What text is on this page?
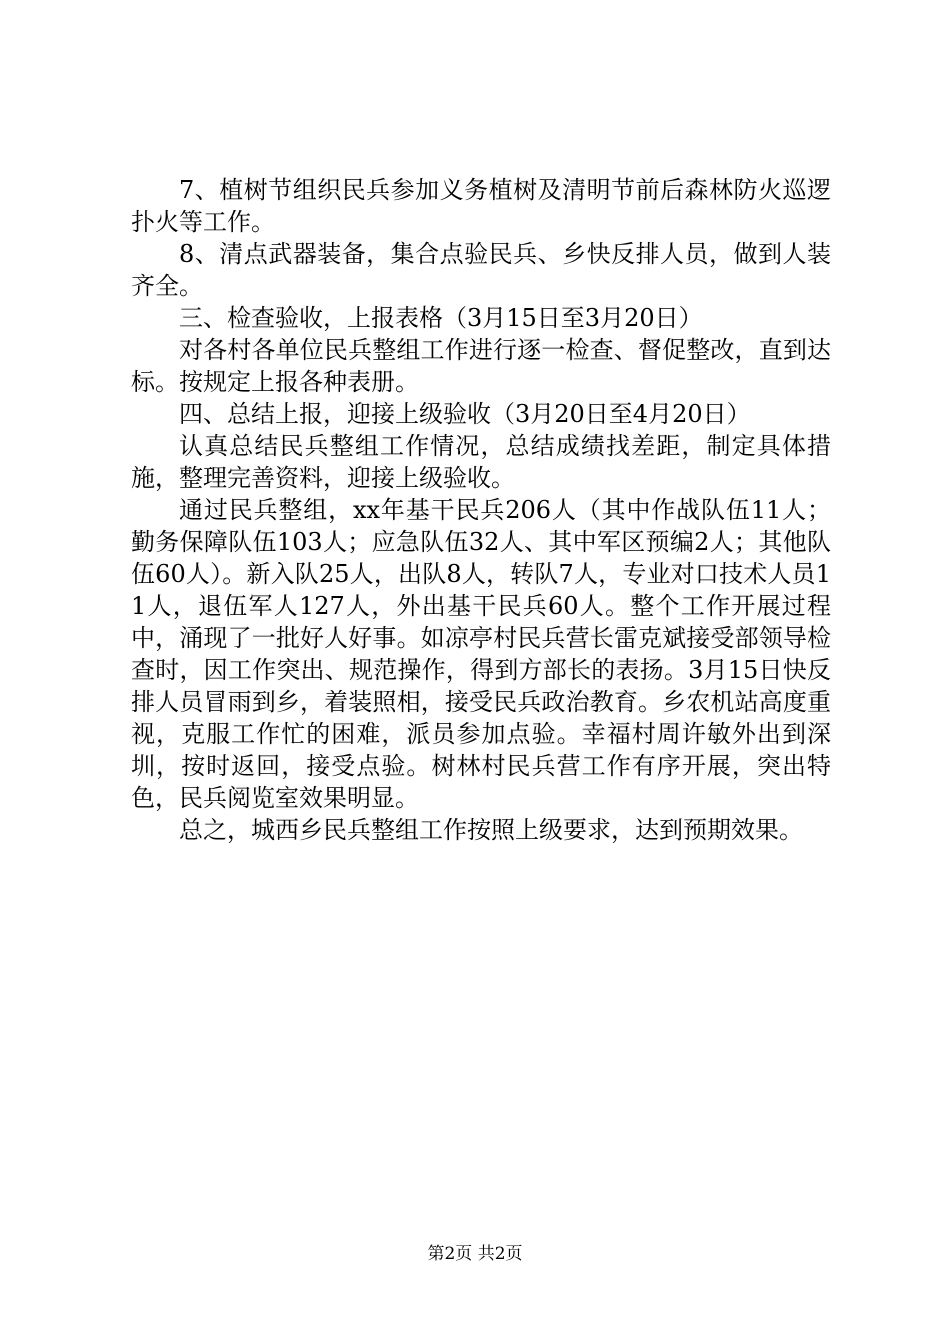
7、植树节组织民兵参加义务植树及清明节前后森林防火巡逻扑火等工作。

8、清点武器装备，集合点验民兵、乡快反排人员，做到人装齐全。

三、检查验收，上报表格（3月15日至3月20日）

对各村各单位民兵整组工作进行逐一检查、督促整改，直到达标。按规定上报各种表册。

四、总结上报，迎接上级验收（3月20日至4月20日）

认真总结民兵整组工作情况，总结成绩找差距，制定具体措施，整理完善资料，迎接上级验收。

通过民兵整组，xx年基干民兵206人（其中作战队伍11人；勤务保障队伍103人；应急队伍32人、其中军区预编2人；其他队伍60人）。新入队25人，出队8人，转队7人，专业对口技术人员11人，退伍军人127人，外出基干民兵60人。整个工作开展过程中，涌现了一批好人好事。如凉亭村民兵营长雷克斌接受部领导检查时，因工作突出、规范操作，得到方部长的表扬。3月15日快反排人员冒雨到乡，着装照相，接受民兵政治教育。乡农机站高度重视，克服工作忙的困难，派员参加点验。幸福村周许敏外出到深圳，按时返回，接受点验。树林村民兵营工作有序开展，突出特色，民兵阅览室效果明显。

总之，城西乡民兵整组工作按照上级要求，达到预期效果。

第2页 共2页
